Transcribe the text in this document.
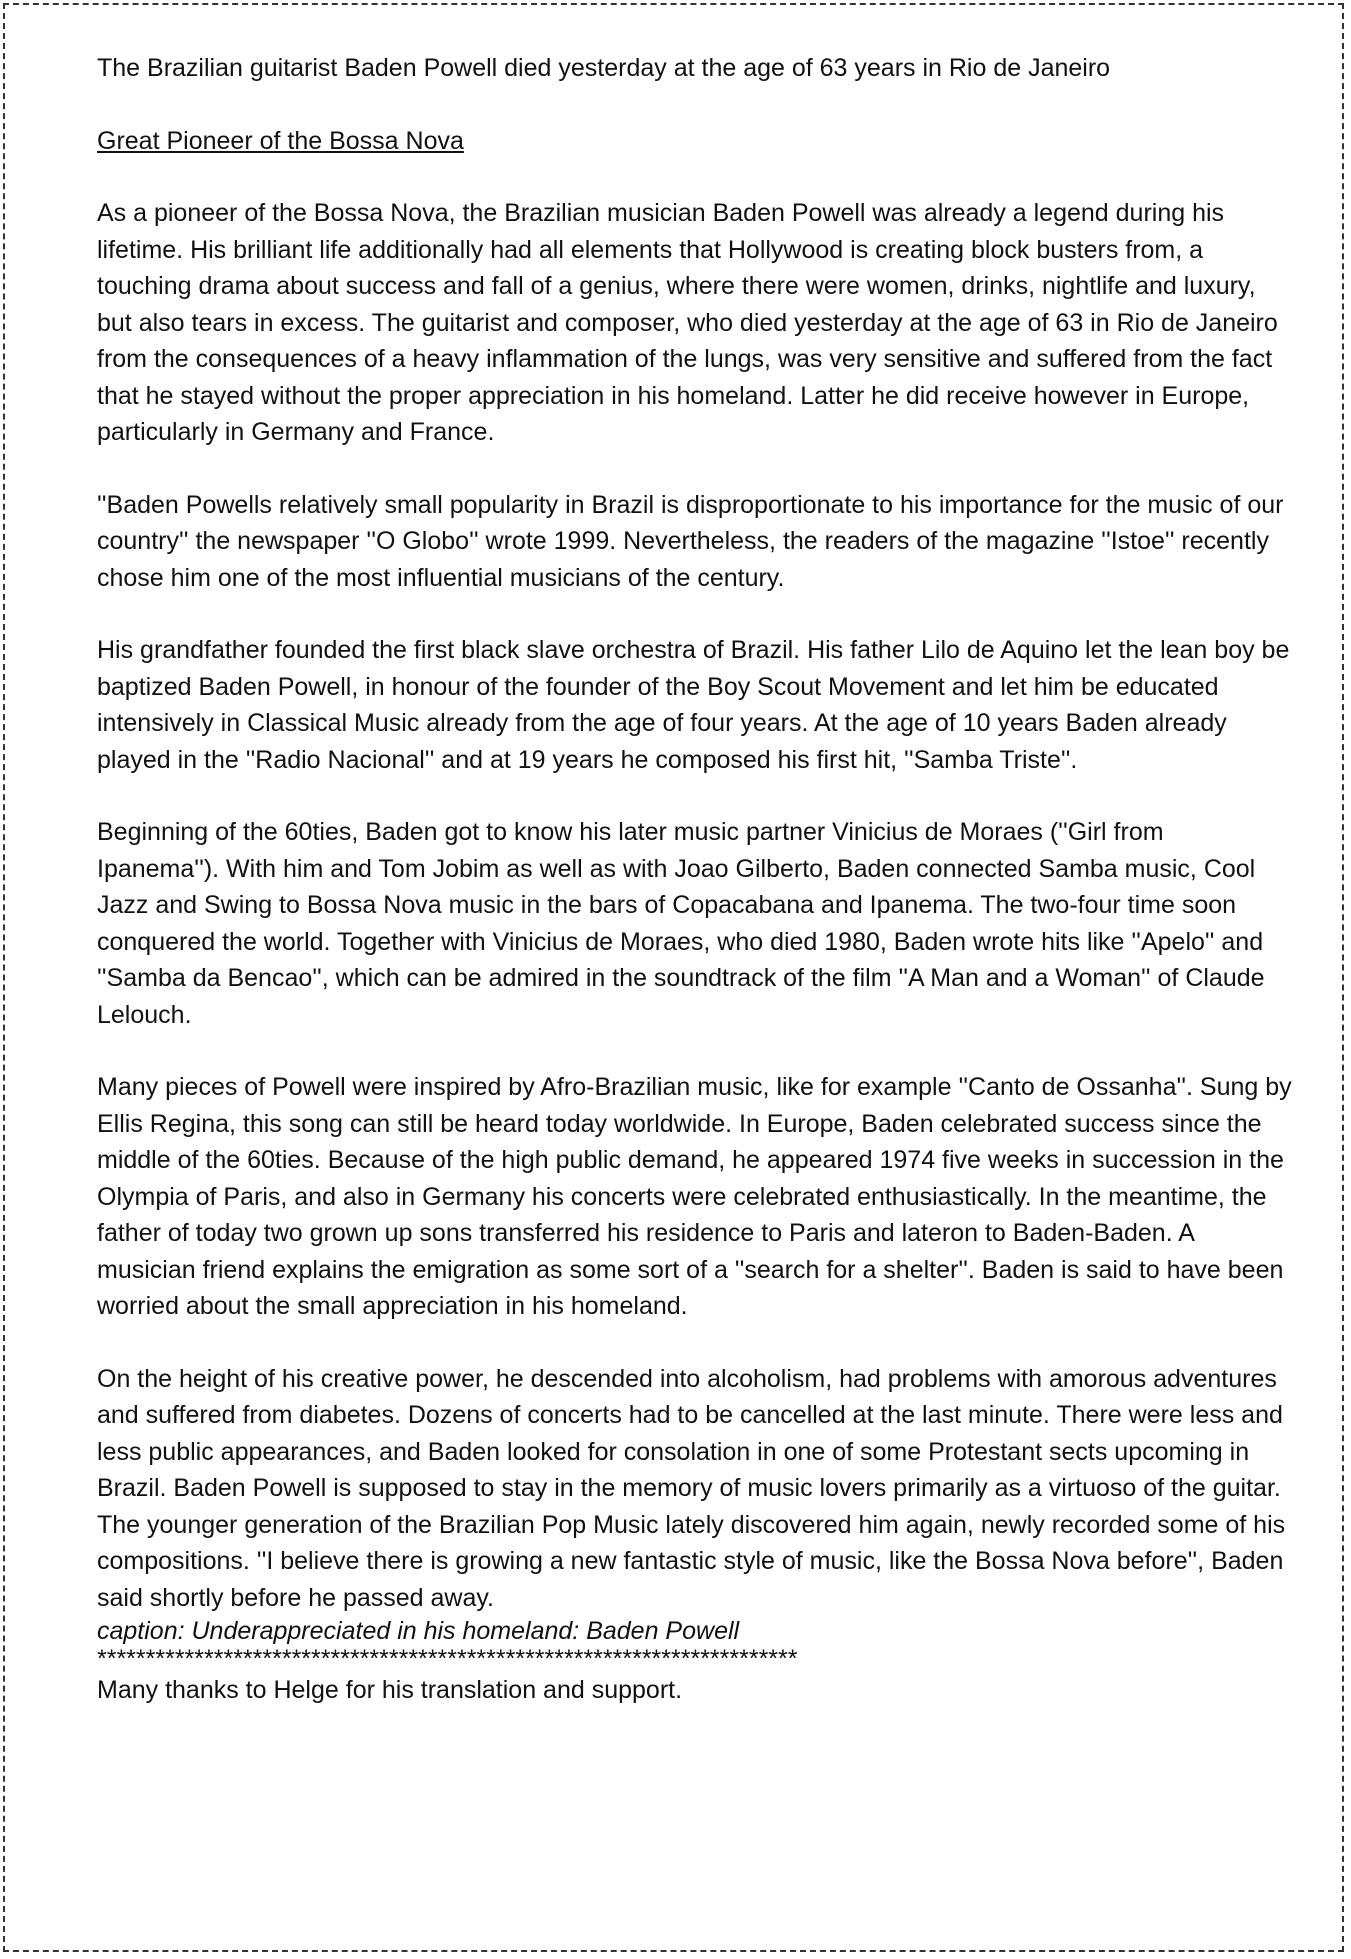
The Brazilian guitarist Baden Powell died yesterday at the age of 63 years in Rio de Janeiro

Great Pioneer of the Bossa Nova

As a pioneer of the Bossa Nova, the Brazilian musician Baden Powell was already a legend during his lifetime. His brilliant life additionally had all elements that Hollywood is creating block busters from, a touching drama about success and fall of a genius, where there were women, drinks, nightlife and luxury, but also tears in excess. The guitarist and composer, who died yesterday at the age of 63 in Rio de Janeiro from the consequences of a heavy inflammation of the lungs, was very sensitive and suffered from the fact that he stayed without the proper appreciation in his homeland. Latter he did receive however in Europe, particularly in Germany and France.

''Baden Powells relatively small popularity in Brazil is disproportionate to his importance for the music of our country'' the newspaper ''O Globo'' wrote 1999. Nevertheless, the readers of the magazine ''Istoe'' recently chose him one of the most influential musicians of the century.

His grandfather founded the first black slave orchestra of Brazil. His father Lilo de Aquino let the lean boy be baptized Baden Powell, in honour of the founder of the Boy Scout Movement and let him be educated intensively in Classical Music already from the age of four years. At the age of 10 years Baden already played in the ''Radio Nacional'' and at 19 years he composed his first hit, ''Samba Triste''.

Beginning of the 60ties, Baden got to know his later music partner Vinicius de Moraes (''Girl from Ipanema''). With him and Tom Jobim as well as with Joao Gilberto, Baden connected Samba music, Cool Jazz and Swing to Bossa Nova music in the bars of Copacabana and Ipanema. The two-four time soon conquered the world. Together with Vinicius de Moraes, who died 1980, Baden wrote hits like ''Apelo'' and ''Samba da Bencao'', which can be admired in the soundtrack of the film ''A Man and a Woman'' of Claude Lelouch.

Many pieces of Powell were inspired by Afro-Brazilian music, like for example ''Canto de Ossanha''. Sung by Ellis Regina, this song can still be heard today worldwide. In Europe, Baden celebrated success since the middle of the 60ties. Because of the high public demand, he appeared 1974 five weeks in succession in the Olympia of Paris, and also in Germany his concerts were celebrated enthusiastically. In the meantime, the father of today two grown up sons transferred his residence to Paris and lateron to Baden-Baden. A musician friend explains the emigration as some sort of a ''search for a shelter''. Baden is said to have been worried about the small appreciation in his homeland.

On the height of his creative power, he descended into alcoholism, had problems with amorous adventures and suffered from diabetes. Dozens of concerts had to be cancelled at the last minute. There were less and less public appearances, and Baden looked for consolation in one of some Protestant sects upcoming in Brazil. Baden Powell is supposed to stay in the memory of music lovers primarily as a virtuoso of the guitar. The younger generation of the Brazilian Pop Music lately discovered him again, newly recorded some of his compositions. ''I believe there is growing a new fantastic style of music, like the Bossa Nova before'', Baden said shortly before he passed away.

caption: Underappreciated in his homeland: Baden Powell

************************************************************************

Many thanks to Helge for his translation and support.
